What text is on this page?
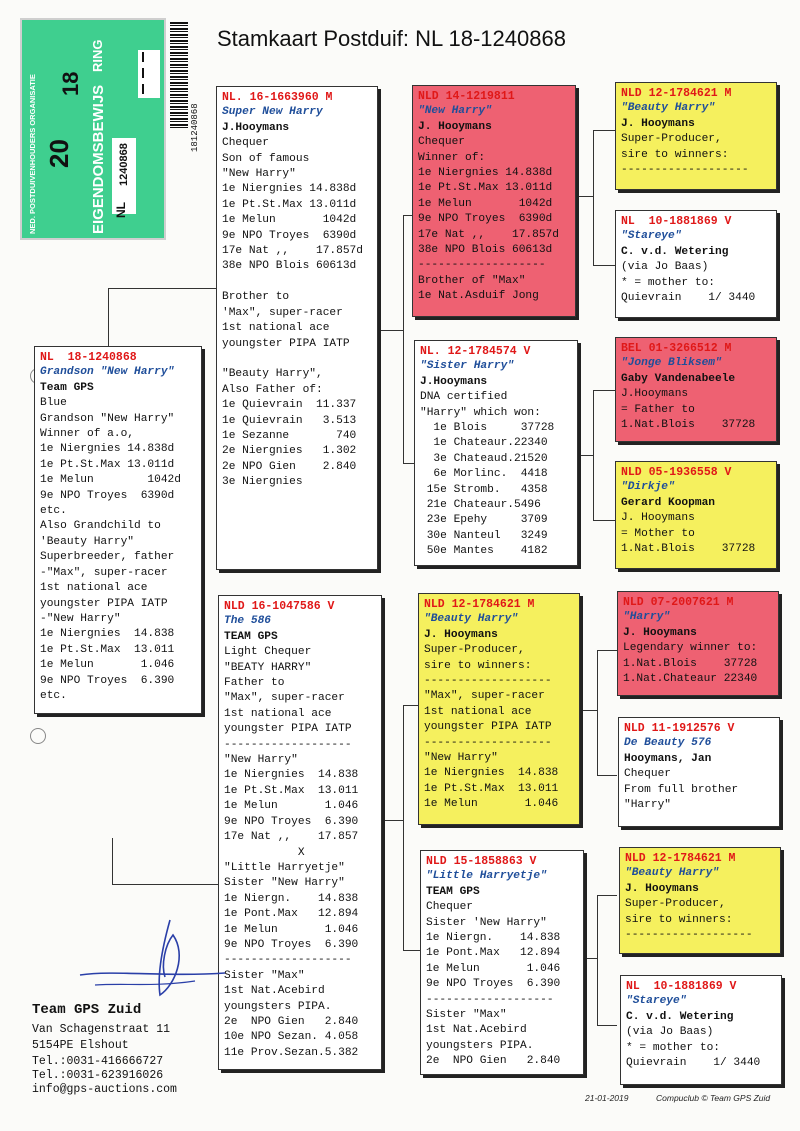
Stamkaart Postduif: NL 18-1240868
NED. POSTDUIVENHOUDERS ORGANISATIE 20
18
EIGENDOMSBEWIJS
RING
NL
1240868
181240868
NL  18-1240868
Grandson "New Harry"
Team GPS
Blue
Grandson "New Harry"
Winner of a.o,
1e Niergnies 14.838d
1e Pt.St.Max 13.011d
1e Melun        1042d
9e NPO Troyes  6390d
etc.
Also Grandchild to
'Beauty Harry"
Superbreeder, father
-"Max", super-racer
1st national ace
youngster PIPA IATP
-"New Harry"
1e Niergnies  14.838
1e Pt.St.Max  13.011
1e Melun       1.046
9e NPO Troyes  6.390
etc.
NL. 16-1663960 M
Super New Harry
J.Hooymans
Chequer
Son of famous
"New Harry"
1e Niergnies 14.838d
1e Pt.St.Max 13.011d
1e Melun       1042d
9e NPO Troyes  6390d
17e Nat ,,    17.857d
38e NPO Blois 60613d

Brother to
'Max", super-racer
1st national ace
youngster PIPA IATP

"Beauty Harry",
Also Father of:
1e Quievrain  11.337
1e Quievrain   3.513
1e Sezanne       740
2e Niergnies   1.302
2e NPO Gien    2.840
3e Niergnies
NLD 16-1047586 V
The 586
TEAM GPS
Light Chequer
"BEATY HARRY"
Father to
"Max", super-racer
1st national ace
youngster PIPA IATP
-------------------
"New Harry"
1e Niergnies  14.838
1e Pt.St.Max  13.011
1e Melun       1.046
9e NPO Troyes  6.390
17e Nat ,,    17.857
X
"Little Harryetje"
Sister "New Harry"
1e Niergn.    14.838
1e Pont.Max   12.894
1e Melun       1.046
9e NPO Troyes  6.390
-------------------
Sister "Max"
1st Nat.Acebird
youngsters PIPA.
2e  NPO Gien   2.840
10e NPO Sezan. 4.058
11e Prov.Sezan.5.382
NLD 14-1219811
"New Harry"
J. Hooymans
Chequer
Winner of:
1e Niergnies 14.838d
1e Pt.St.Max 13.011d
1e Melun       1042d
9e NPO Troyes  6390d
17e Nat ,,    17.857d
38e NPO Blois 60613d
-------------------
Brother of "Max"
1e Nat.Asduif Jong
NL. 12-1784574 V
"Sister Harry"
J.Hooymans
DNA certified
"Harry" which won:
1e Blois     37728
1e Chateaur.22340
3e Chateaud.21520
6e Morlinc.  4418
15e Stromb.   4358
21e Chateaur.5496
23e Epehy     3709
30e Nanteul   3249
50e Mantes    4182
NLD 12-1784621 M
"Beauty Harry"
J. Hooymans
Super-Producer,
sire to winners:
-------------------
"Max", super-racer
1st national ace
youngster PIPA IATP
-------------------
"New Harry"
1e Niergnies  14.838
1e Pt.St.Max  13.011
1e Melun       1.046
NLD 15-1858863 V
"Little Harryetje"
TEAM GPS
Chequer
Sister 'New Harry"
1e Niergn.    14.838
1e Pont.Max   12.894
1e Melun       1.046
9e NPO Troyes  6.390
-------------------
Sister "Max"
1st Nat.Acebird
youngsters PIPA.
2e  NPO Gien   2.840
NLD 12-1784621 M
"Beauty Harry"
J. Hooymans
Super-Producer,
sire to winners:
-------------------
NL  10-1881869 V
"Stareye"
C. v.d. Wetering
(via Jo Baas)
* = mother to:
Quievrain    1/ 3440
BEL 01-3266512 M
"Jonge Bliksem"
Gaby Vandenabeele
J.Hooymans
= Father to
1.Nat.Blois    37728
NLD 05-1936558 V
"Dirkje"
Gerard Koopman
J. Hooymans
= Mother to
1.Nat.Blois    37728
NLD 07-2007621 M
"Harry"
J. Hooymans
Legendary winner to:
1.Nat.Blois    37728
1.Nat.Chateaur 22340
NLD 11-1912576 V
De Beauty 576
Hooymans, Jan
Chequer
From full brother
"Harry"
NLD 12-1784621 M
"Beauty Harry"
J. Hooymans
Super-Producer,
sire to winners:
-------------------
NL  10-1881869 V
"Stareye"
C. v.d. Wetering
(via Jo Baas)
* = mother to:
Quievrain    1/ 3440
Team GPS Zuid
Van Schagenstraat 11
5154PE Elshout
Tel.:0031-416666727
Tel.:0031-623916026
info@gps-auctions.com
21-01-2019	Compuclub © Team GPS Zuid
